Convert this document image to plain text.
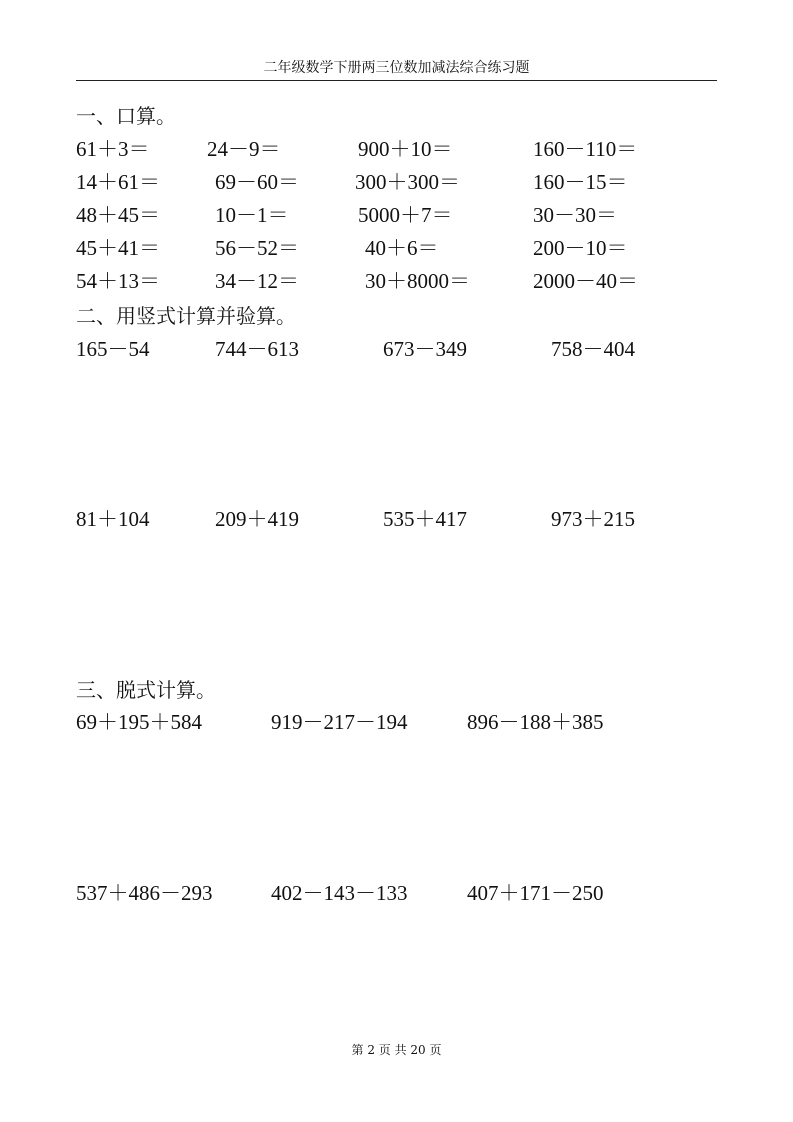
二年级数学下册两三位数加减法综合练习题
一、口算。
61＋3＝	24－9＝	900＋10＝	160－110＝
14＋61＝	69－60＝	300＋300＝	160－15＝
48＋45＝	10－1＝	5000＋7＝	30－30＝
45＋41＝	56－52＝	40＋6＝	200－10＝
54＋13＝	34－12＝	30＋8000＝	2000－40＝
二、用竖式计算并验算。
165－54	744－613	673－349	758－404
81＋104	209＋419	535＋417	973＋215
三、脱式计算。
69＋195＋584	919－217－194	896－188＋385
537＋486－293	402－143－133	407＋171－250
第 2 页 共 20 页
